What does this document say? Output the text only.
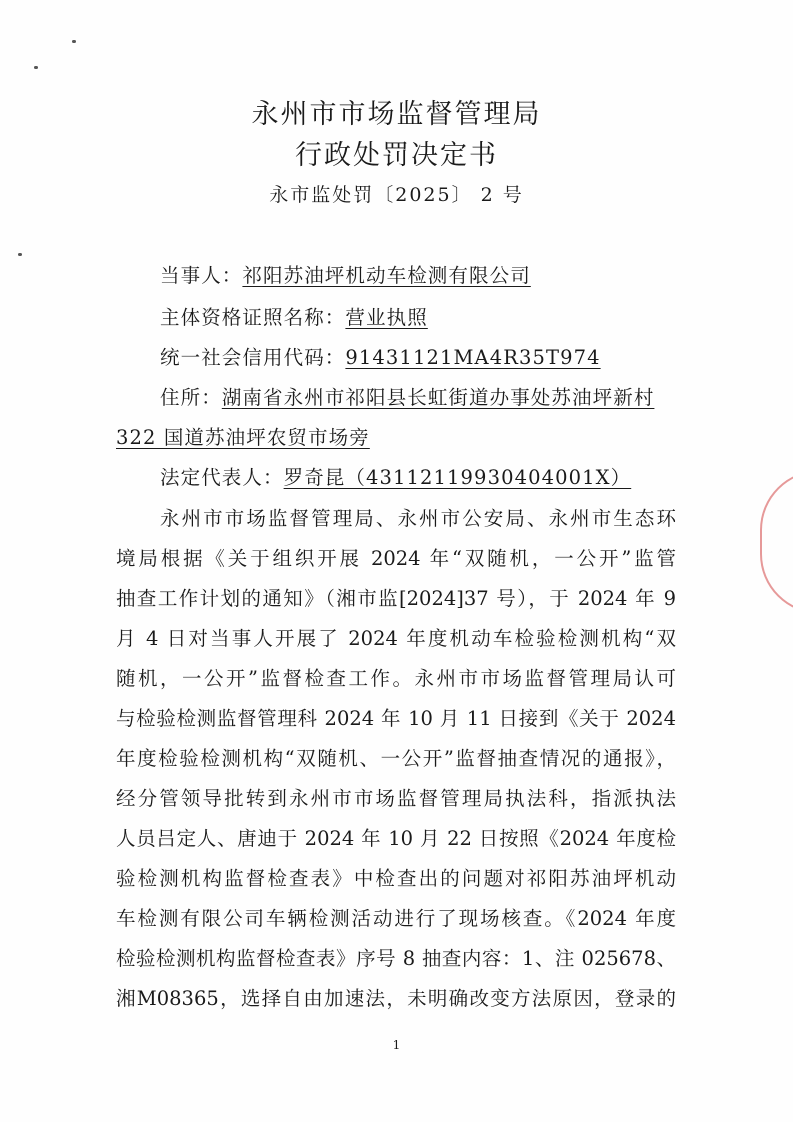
永州市市场监督管理局
行政处罚决定书
永市监处罚〔2025〕 2 号
当事人：祁阳苏油坪机动车检测有限公司
主体资格证照名称：营业执照
统一社会信用代码：91431121MA4R35T974
住所：湖南省永州市祁阳县长虹街道办事处苏油坪新村
322 国道苏油坪农贸市场旁
法定代表人：罗奇昆（43112119930404001X）
永州市市场监督管理局、永州市公安局、永州市生态环
境局根据《关于组织开展 2024 年“双随机，一公开”监管
抽查工作计划的通知》（湘市监[2024]37 号），于 2024 年 9
月 4 日对当事人开展了 2024 年度机动车检验检测机构“双
随机，一公开”监督检查工作。永州市市场监督管理局认可
与检验检测监督管理科 2024 年 10 月 11 日接到《关于 2024
年度检验检测机构“双随机、一公开”监督抽查情况的通报》，
经分管领导批转到永州市市场监督管理局执法科，指派执法
人员吕定人、唐迪于 2024 年 10 月 22 日按照《2024 年度检
验检测机构监督检查表》中检查出的问题对祁阳苏油坪机动
车检测有限公司车辆检测活动进行了现场核查。《2024 年度
检验检测机构监督检查表》序号 8 抽查内容：1、注 025678、
湘M08365，选择自由加速法，未明确改变方法原因，登录的
1
